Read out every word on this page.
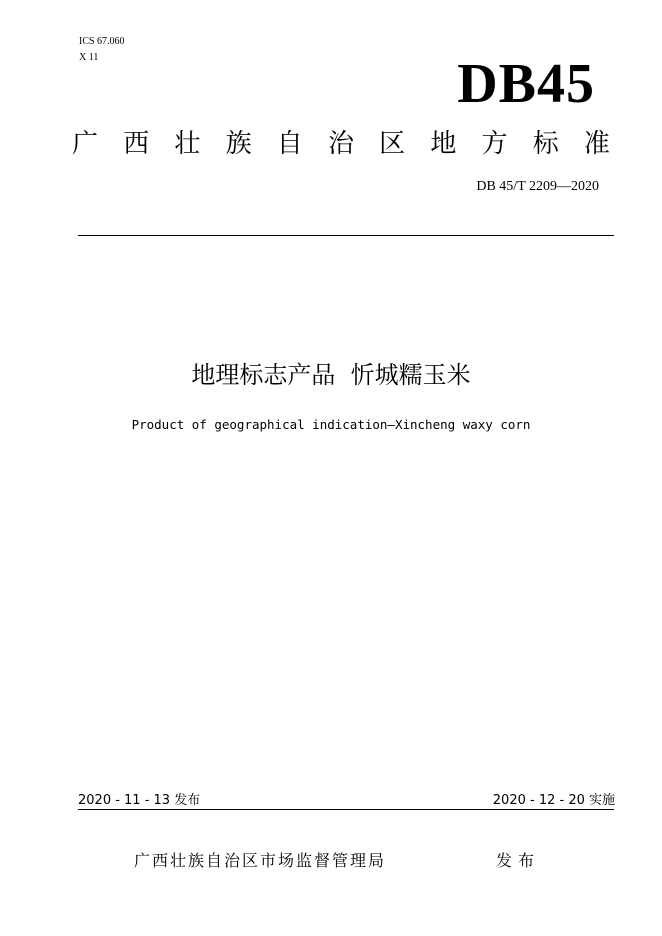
ICS 67.060
X 11	DB45
广 西 壮 族 自 治 区 地 方 标 准
DB 45/T 2209—2020
地理标志产品  忻城糯玉米
Product of geographical indication—Xincheng waxy corn
2020 - 11 - 13 发布	2020 - 12 - 20 实施
广西壮族自治区市场监督管理局	发布
